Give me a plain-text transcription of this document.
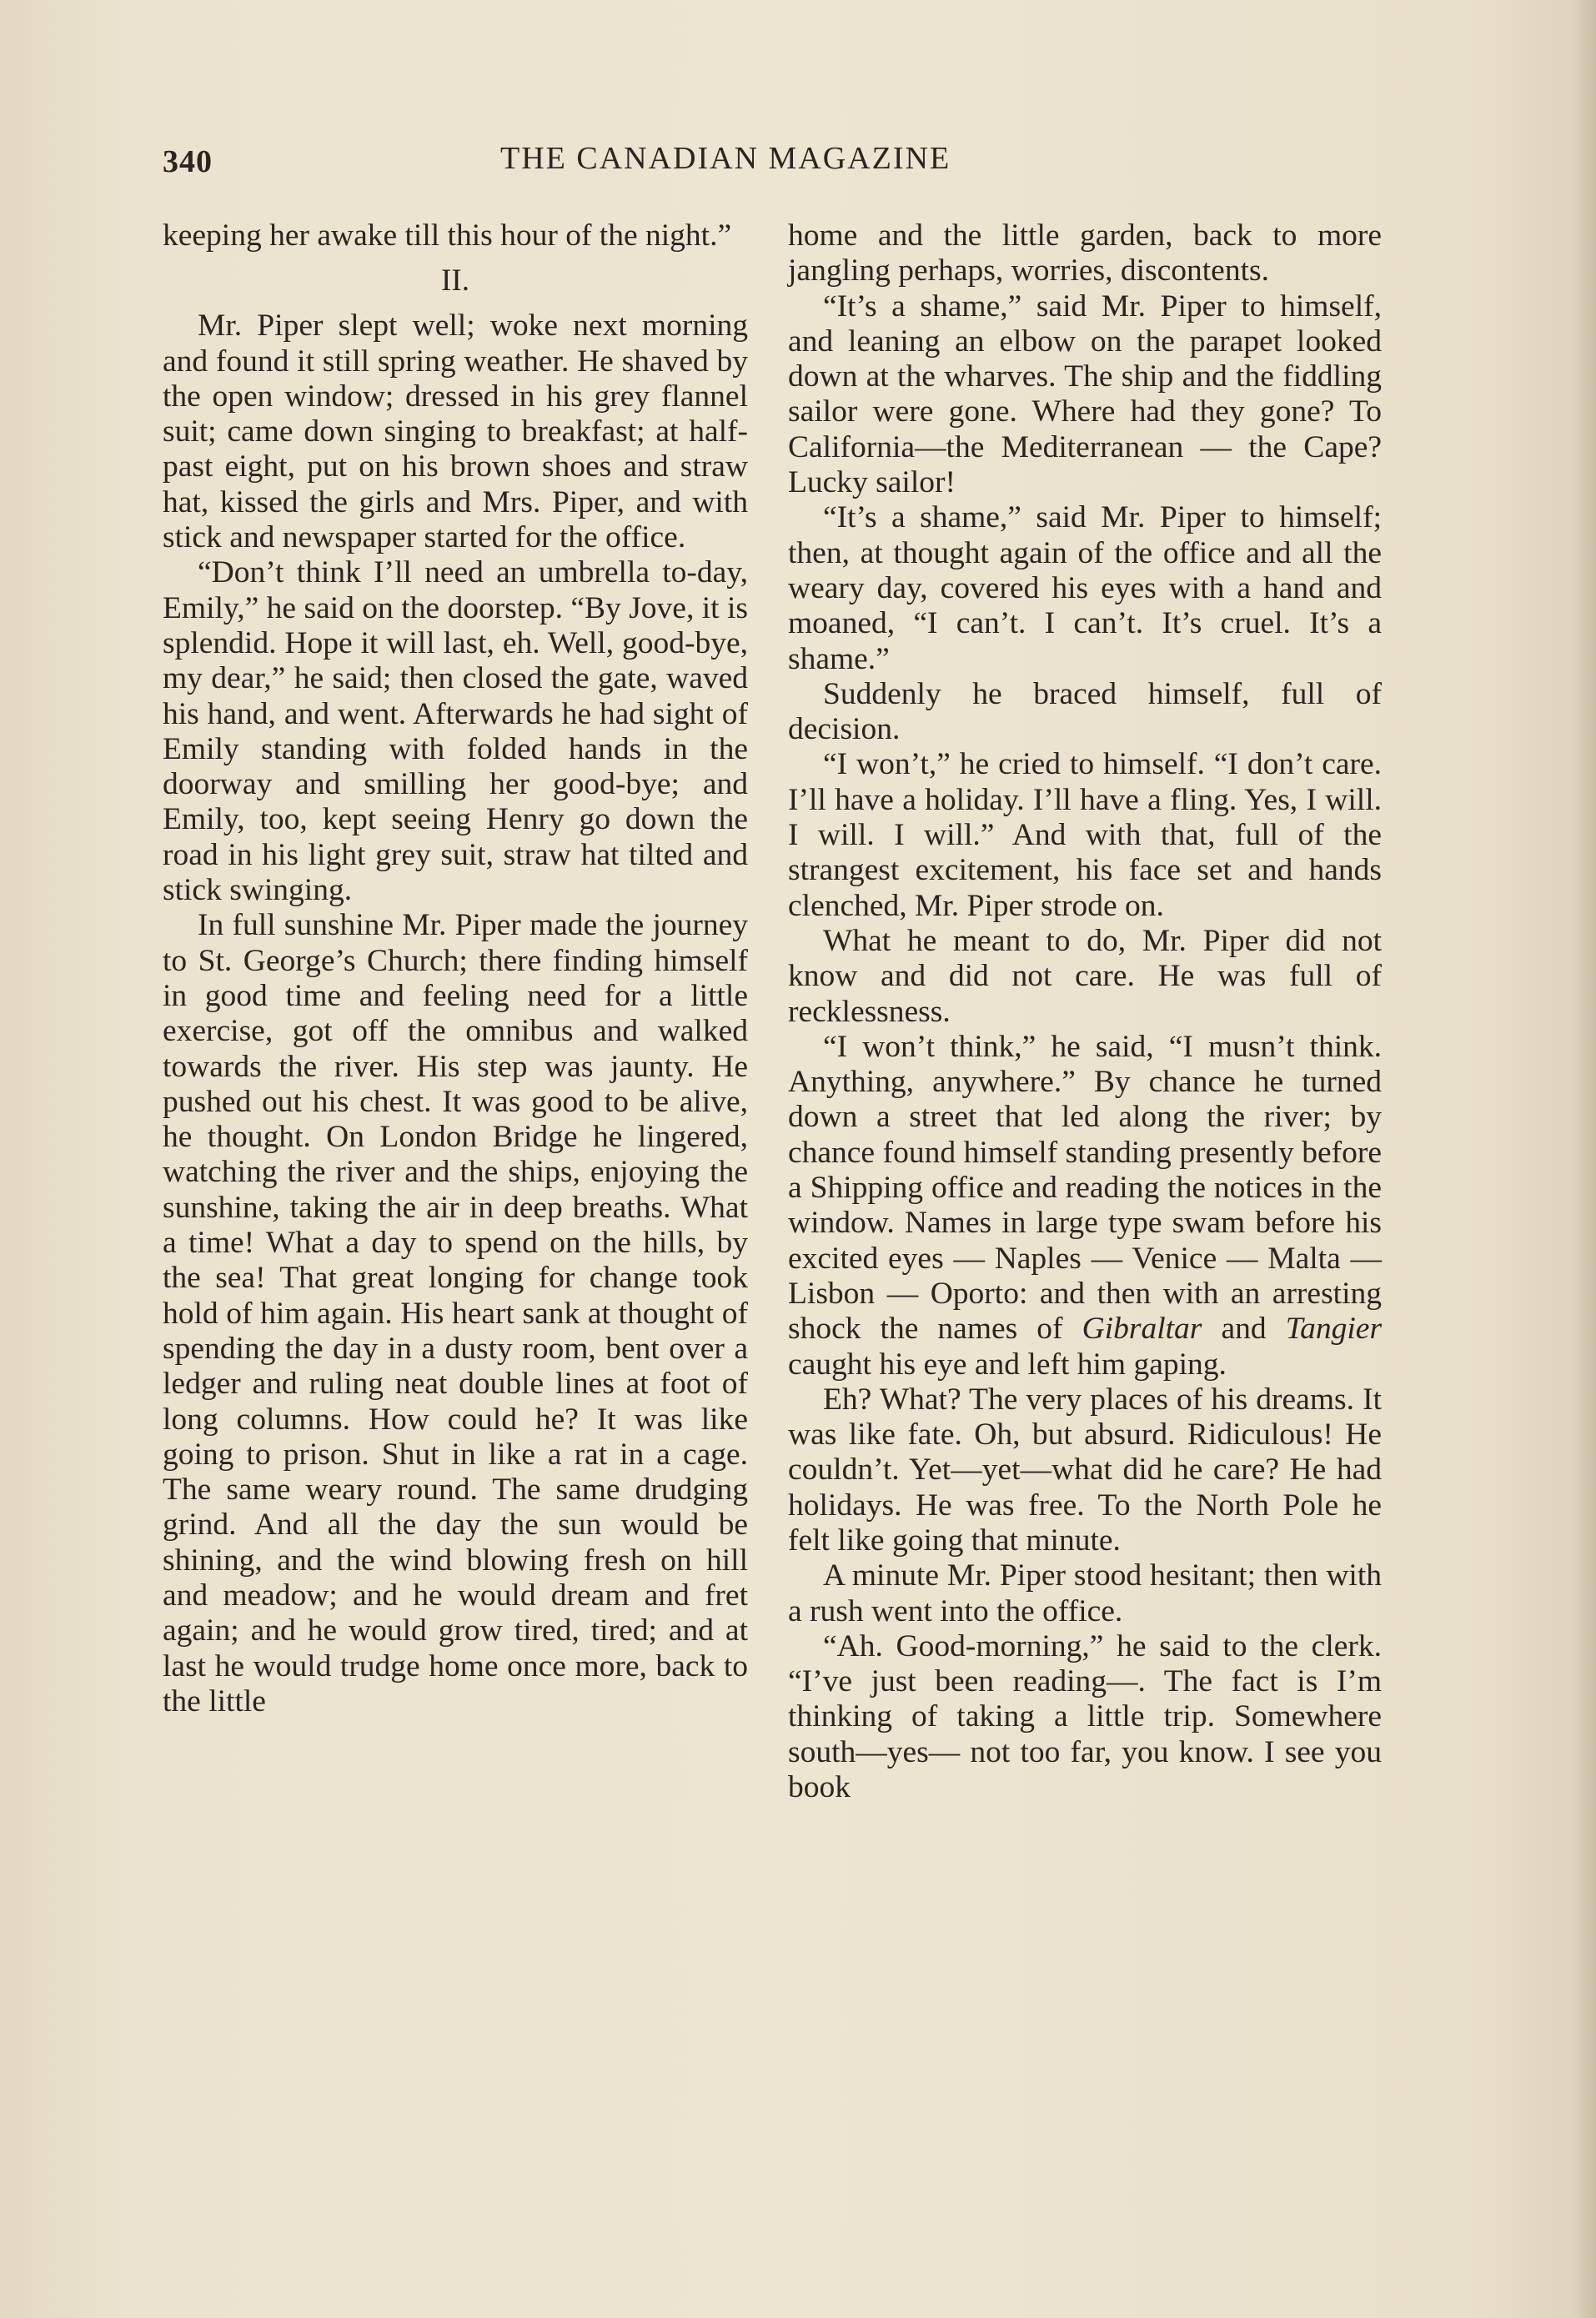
340	THE CANADIAN MAGAZINE

keeping her awake till this hour of the night.”

II.

Mr. Piper slept well; woke next morning and found it still spring weather. He shaved by the open window; dressed in his grey flannel suit; came down singing to breakfast; at half-past eight, put on his brown shoes and straw hat, kissed the girls and Mrs. Piper, and with stick and newspaper started for the office.

“Don’t think I’ll need an umbrella to-day, Emily,” he said on the doorstep. “By Jove, it is splendid. Hope it will last, eh. Well, good-bye, my dear,” he said; then closed the gate, waved his hand, and went. Afterwards he had sight of Emily standing with folded hands in the doorway and smilling her good-bye; and Emily, too, kept seeing Henry go down the road in his light grey suit, straw hat tilted and stick swinging.

In full sunshine Mr. Piper made the journey to St. George’s Church; there finding himself in good time and feeling need for a little exercise, got off the omnibus and walked towards the river. His step was jaunty. He pushed out his chest. It was good to be alive, he thought. On London Bridge he lingered, watching the river and the ships, enjoying the sunshine, taking the air in deep breaths. What a time! What a day to spend on the hills, by the sea! That great longing for change took hold of him again. His heart sank at thought of spending the day in a dusty room, bent over a ledger and ruling neat double lines at foot of long columns. How could he? It was like going to prison. Shut in like a rat in a cage. The same weary round. The same drudging grind. And all the day the sun would be shining, and the wind blowing fresh on hill and meadow; and he would dream and fret again; and he would grow tired, tired; and at last he would trudge home once more, back to the little

home and the little garden, back to more jangling perhaps, worries, discontents.

“It’s a shame,” said Mr. Piper to himself, and leaning an elbow on the parapet looked down at the wharves. The ship and the fiddling sailor were gone. Where had they gone? To California—the Mediterranean — the Cape? Lucky sailor!

“It’s a shame,” said Mr. Piper to himself; then, at thought again of the office and all the weary day, covered his eyes with a hand and moaned, “I can’t. I can’t. It’s cruel. It’s a shame.”

Suddenly he braced himself, full of decision.

“I won’t,” he cried to himself. “I don’t care. I’ll have a holiday. I’ll have a fling. Yes, I will. I will. I will.” And with that, full of the strangest excitement, his face set and hands clenched, Mr. Piper strode on.

What he meant to do, Mr. Piper did not know and did not care. He was full of recklessness.

“I won’t think,” he said, “I musn’t think. Anything, anywhere.” By chance he turned down a street that led along the river; by chance found himself standing presently before a Shipping office and reading the notices in the window. Names in large type swam before his excited eyes — Naples — Venice — Malta — Lisbon — Oporto: and then with an arresting shock the names of Gibraltar and Tangier caught his eye and left him gaping.

Eh? What? The very places of his dreams. It was like fate. Oh, but absurd. Ridiculous! He couldn’t. Yet—yet—what did he care? He had holidays. He was free. To the North Pole he felt like going that minute.

A minute Mr. Piper stood hesitant; then with a rush went into the office.

“Ah. Good-morning,” he said to the clerk. “I’ve just been reading—. The fact is I’m thinking of taking a little trip. Somewhere south—yes— not too far, you know. I see you book
